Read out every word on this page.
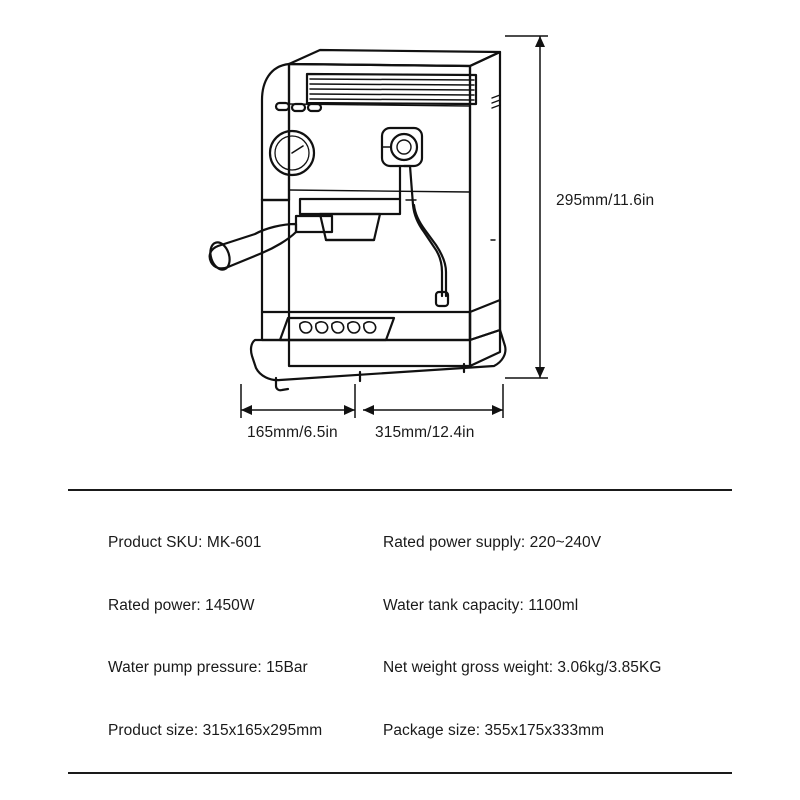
295mm/11.6in
165mm/6.5in 315mm/12.4in
Product SKU: MK-601	Rated power supply: 220~240V
Rated power: 1450W	Water tank capacity: 1100ml
Water pump pressure: 15Bar	Net weight gross weight: 3.06kg/3.85KG
Product size: 315x165x295mm	Package size: 355x175x333mm
